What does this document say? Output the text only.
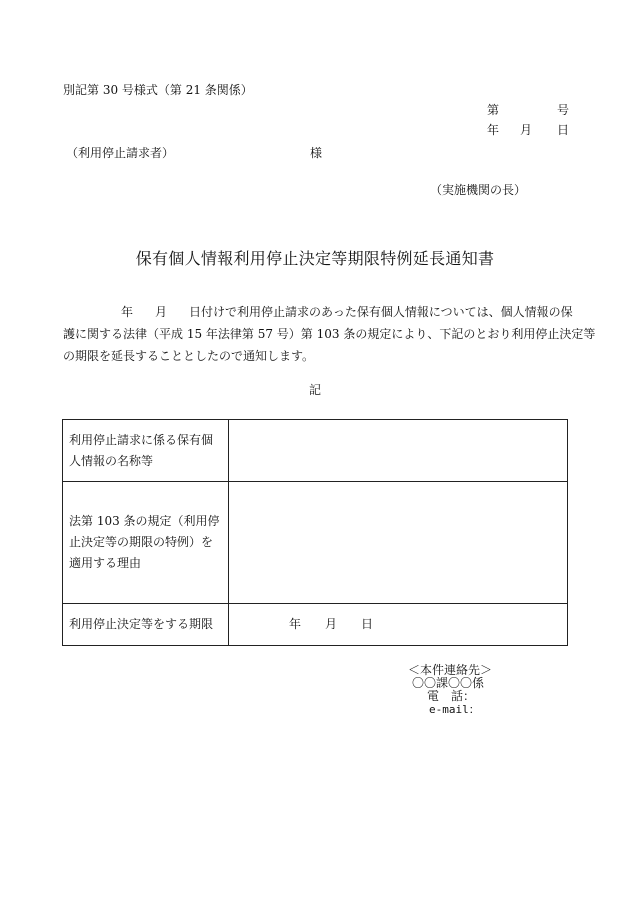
別記第 30 号様式（第 21 条関係）
第	号
年 月 日
（利用停止請求者）	様
（実施機関の長）
保有個人情報利用停止決定等期限特例延長通知書
年 月 日付けで利用停止請求のあった保有個人情報については、個人情報の保
護に関する法律（平成 15 年法律第 57 号）第 103 条の規定により、下記のとおり利用停止決定等
の期限を延長することとしたので通知します。
記
利用停止請求に係る保有個人情報の名称等	
法第 103 条の規定（利用停止決定等の期限の特例）を適用する理由	
利用停止決定等をする期限	年 月 日
＜本件連絡先＞
〇〇課〇〇係
電　話：
e-mail：
